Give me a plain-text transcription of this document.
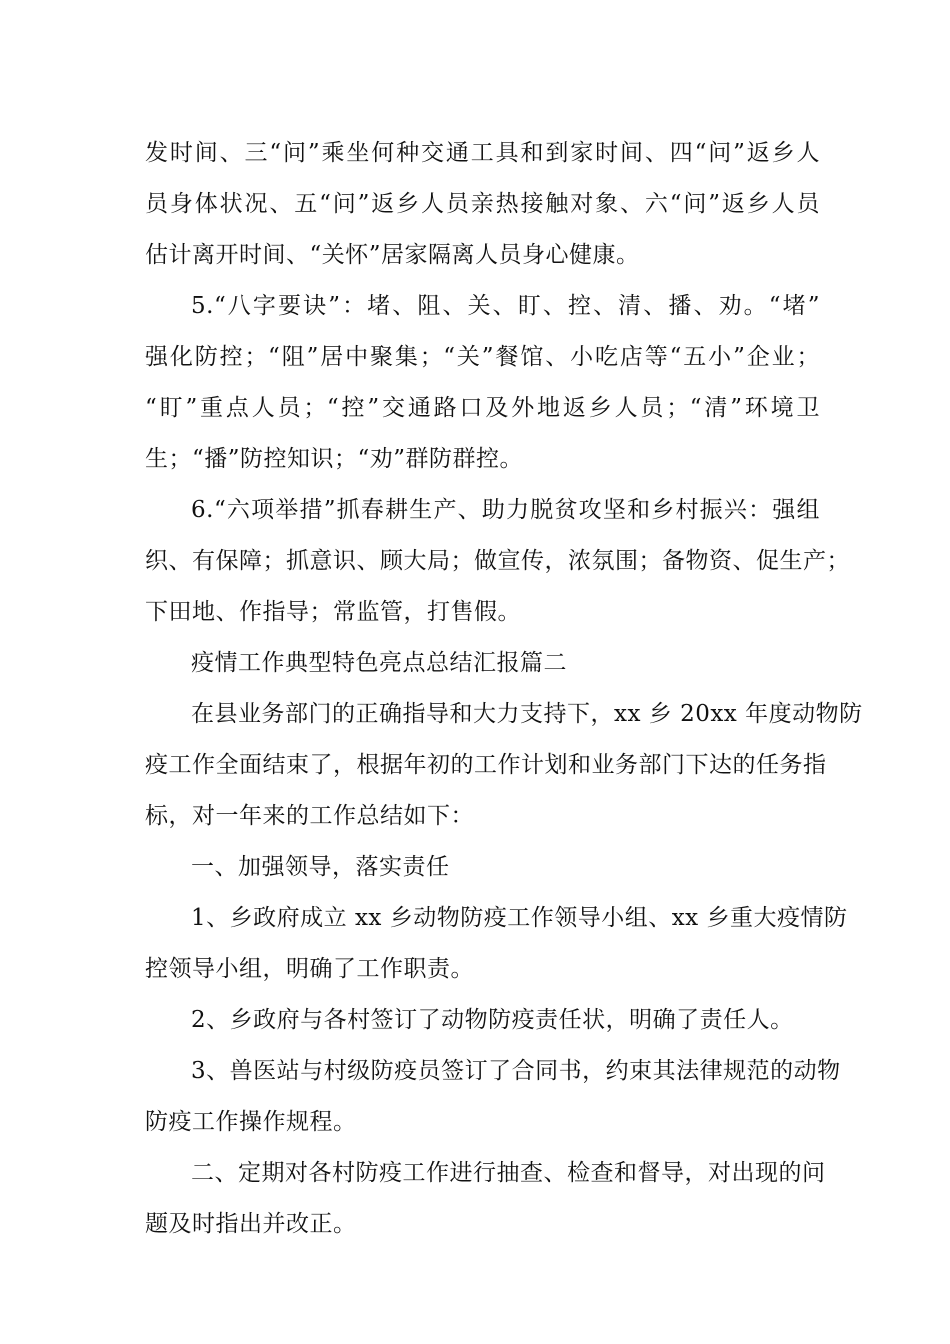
发时间、三“问”乘坐何种交通工具和到家时间、四“问”返乡人
员身体状况、五“问”返乡人员亲热接触对象、六“问”返乡人员
估计离开时间、“关怀”居家隔离人员身心健康。
5.“八字要诀”：堵、阻、关、盯、控、清、播、劝。“堵”
强化防控；“阻”居中聚集；“关”餐馆、小吃店等“五小”企业；
“盯”重点人员；“控”交通路口及外地返乡人员；“清”环境卫
生；“播”防控知识；“劝”群防群控。
6.“六项举措”抓春耕生产、助力脱贫攻坚和乡村振兴：强组
织、有保障；抓意识、顾大局；做宣传，浓氛围；备物资、促生产；
下田地、作指导；常监管，打售假。
疫情工作典型特色亮点总结汇报篇二
在县业务部门的正确指导和大力支持下，xx 乡 20xx 年度动物防
疫工作全面结束了，根据年初的工作计划和业务部门下达的任务指
标，对一年来的工作总结如下：
一、加强领导，落实责任
1、乡政府成立 xx 乡动物防疫工作领导小组、xx 乡重大疫情防
控领导小组，明确了工作职责。
2、乡政府与各村签订了动物防疫责任状，明确了责任人。
3、兽医站与村级防疫员签订了合同书，约束其法律规范的动物
防疫工作操作规程。
二、定期对各村防疫工作进行抽查、检查和督导，对出现的问
题及时指出并改正。
